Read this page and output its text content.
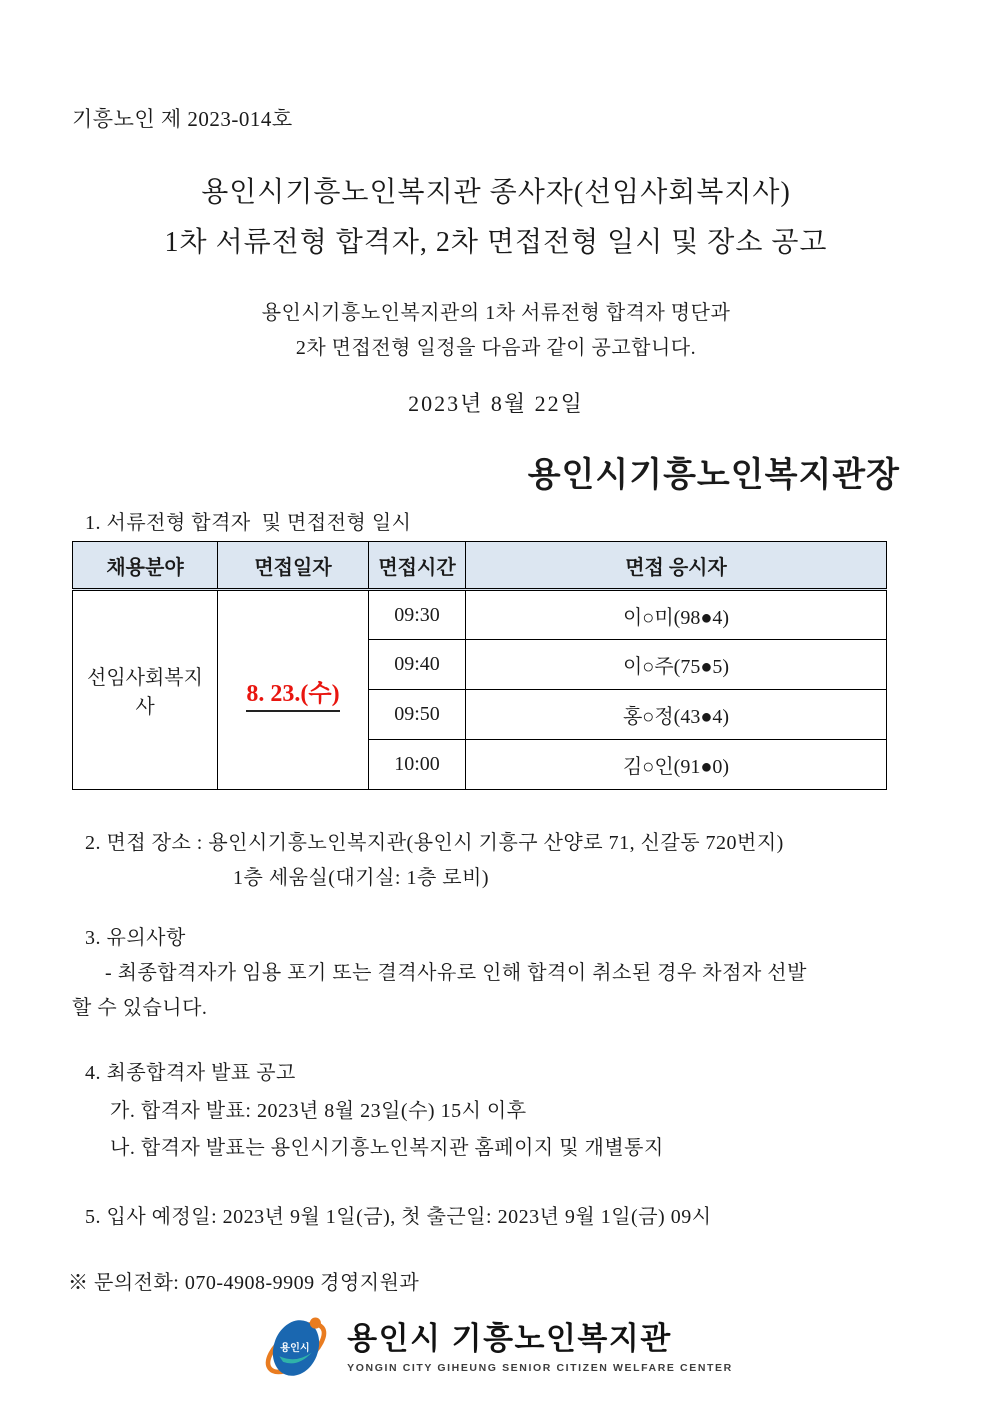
기흥노인 제 2023-014호
용인시기흥노인복지관 종사자(선임사회복지사)
1차 서류전형 합격자, 2차 면접전형 일시 및 장소 공고
용인시기흥노인복지관의 1차 서류전형 합격자 명단과
2차 면접전형 일정을 다음과 같이 공고합니다.
2023년 8월 22일
용인시기흥노인복지관장
1. 서류전형 합격자  및 면접전형 일시
채용분야	면접일자	면접시간	면접 응시자
선임사회복지사	8. 23.(수)	09:30	이○미(98●4)
		09:40	이○주(75●5)
		09:50	홍○정(43●4)
		10:00	김○인(91●0)
2. 면접 장소 : 용인시기흥노인복지관(용인시 기흥구 산양로 71, 신갈동 720번지)
1층 세움실(대기실: 1층 로비)
3. 유의사항
- 최종합격자가 임용 포기 또는 결격사유로 인해 합격이 취소된 경우 차점자 선발
할 수 있습니다.
4. 최종합격자 발표 공고
가. 합격자 발표: 2023년 8월 23일(수) 15시 이후
나. 합격자 발표는 용인시기흥노인복지관 홈페이지 및 개별통지
5. 입사 예정일: 2023년 9월 1일(금), 첫 출근일: 2023년 9월 1일(금) 09시
※ 문의전화: 070-4908-9909 경영지원과
용인시 용인시 기흥노인복지관
YONGIN CITY GIHEUNG SENIOR CITIZEN WELFARE CENTER
